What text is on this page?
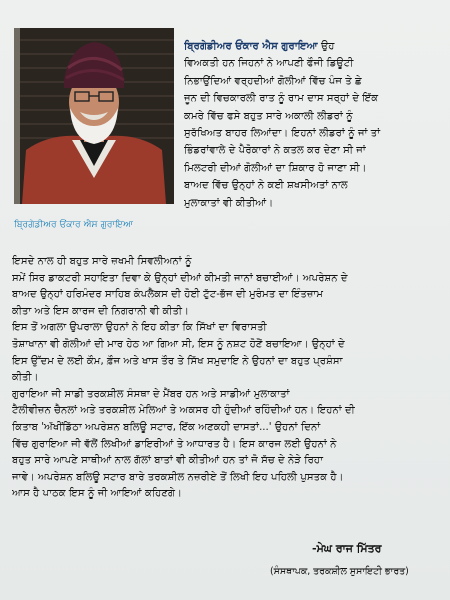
ਬ੍ਰਿਗੇਡੀਅਰ ਓਂਕਾਰ ਐਸ ਗੁਰਾਇਆ
ਬ੍ਰਿਗੇਡੀਅਰ ਓਂਕਾਰ ਐਸ ਗੁਰਾਇਆ ਉਹ
ਵਿਅਕਤੀ ਹਨ ਜਿਹਨਾਂ ਨੇ ਆਪਣੀ ਫੌਜੀ ਡਿਊਟੀ
ਨਿਭਾਉਂਦਿਆਂ ਵਰ੍ਹਦੀਆਂ ਗੋਲੀਆਂ ਵਿੱਚ ਪੰਜ ਤੇ ਛੇ
ਜੂਨ ਦੀ ਵਿਚਕਾਰਲੀ ਰਾਤ ਨੂੰ ਰਾਮ ਦਾਸ ਸਰ੍ਹਾਂ ਦੇ ਇੱਕ
ਕਮਰੇ ਵਿੱਚ ਫਸੇ ਬਹੁਤ ਸਾਰੇ ਅਕਾਲੀ ਲੀਡਰਾਂ ਨੂੰ
ਸੁਰੱਖਿਅਤ ਬਾਹਰ ਲਿਆਂਦਾ। ਇਹਨਾਂ ਲੀਡਰਾਂ ਨੂੰ ਜਾਂ ਤਾਂ
ਭਿੰਡਰਾਂਵਾਲੇ ਦੇ ਪੈਰੋਕਾਰਾਂ ਨੇ ਕਤਲ ਕਰ ਦੇਣਾ ਸੀ ਜਾਂ
ਮਿਲਟਰੀ ਦੀਆਂ ਗੋਲੀਆਂ ਦਾ ਸ਼ਿਕਾਰ ਹੋ ਜਾਣਾ ਸੀ।
ਬਾਅਦ ਵਿੱਚ ਉਨ੍ਹਾਂ ਨੇ ਕਈ ਸ਼ਖਸੀਅਤਾਂ ਨਾਲ
ਮੁਲਾਕਾਤਾਂ ਵੀ ਕੀਤੀਆਂ।
ਇਸਦੇ ਨਾਲ ਹੀ ਬਹੁਤ ਸਾਰੇ ਜ਼ਖਮੀ ਸਿਵਲੀਅਨਾਂ ਨੂੰ
ਸਮੇਂ ਸਿਰ ਡਾਕਟਰੀ ਸਹਾਇਤਾ ਦਿਵਾ ਕੇ ਉਨ੍ਹਾਂ ਦੀਆਂ ਕੀਮਤੀ ਜਾਨਾਂ ਬਚਾਈਆਂ। ਅਪਰੇਸ਼ਨ ਦੇ
ਬਾਅਦ ਉਨ੍ਹਾਂ ਹਰਿਮੰਦਰ ਸਾਹਿਬ ਕੰਪਲੈਕਸ ਦੀ ਹੋਈ ਟੁੱਟ-ਭੱਜ ਦੀ ਮੁਰੰਮਤ ਦਾ ਇੰਤਜ਼ਾਮ
ਕੀਤਾ ਅਤੇ ਇਸ ਕਾਰਜ ਦੀ ਨਿਗਰਾਨੀ ਵੀ ਕੀਤੀ।
ਇਸ ਤੋਂ ਅਗਲਾ ਉਪਰਾਲਾ ਉਹਨਾਂ ਨੇ ਇਹ ਕੀਤਾ ਕਿ ਸਿੱਖਾਂ ਦਾ ਵਿਰਾਸਤੀ
ਤੋਸ਼ਾਖਾਨਾ ਵੀ ਗੋਲੀਆਂ ਦੀ ਮਾਰ ਹੇਠ ਆ ਗਿਆ ਸੀ, ਇਸ ਨੂੰ ਨਸ਼ਟ ਹੋਣੋਂ ਬਚਾਇਆ। ਉਨ੍ਹਾਂ ਦੇ
ਇਸ ਉੱਦਮ ਦੇ ਲਈ ਕੌਮ, ਫ਼ੌਜ ਅਤੇ ਖਾਸ ਤੌਰ ਤੇ ਸਿੱਖ ਸਮੁਦਾਇ ਨੇ ਉਹਨਾਂ ਦਾ ਬਹੁਤ ਪ੍ਰਸ਼ੰਸਾ
ਕੀਤੀ।
ਗੁਰਾਇਆ ਜੀ ਸਾਡੀ ਤਰਕਸ਼ੀਲ ਸੰਸਥਾ ਦੇ ਮੈਂਬਰ ਹਨ ਅਤੇ ਸਾਡੀਆਂ ਮੁਲਾਕਾਤਾਂ
ਟੈਲੀਵੀਜ਼ਨ ਚੈਨਲਾਂ ਅਤੇ ਤਰਕਸ਼ੀਲ ਮੇਲਿਆਂ ਤੇ ਅਕਸਰ ਹੀ ਹੁੰਦੀਆਂ ਰਹਿੰਦੀਆਂ ਹਨ। ਇਹਨਾਂ ਦੀ
ਕਿਤਾਬ 'ਅੱਖੀਂਡਿੱਠਾ ਅਪਰੇਸ਼ਨ ਬਲਿਊ ਸਟਾਰ, ਇੱਕ ਅਣਕਹੀ ਦਾਸਤਾਂ...' ਉਹਨਾਂ ਦਿਨਾਂ
ਵਿੱਚ ਗੁਰਾਇਆ ਜੀ ਵੱਲੋਂ ਲਿਖੀਆਂ ਡਾਇਰੀਆਂ ਤੇ ਆਧਾਰਤ ਹੈ। ਇਸ ਕਾਰਜ ਲਈ ਉਹਨਾਂ ਨੇ
ਬਹੁਤ ਸਾਰੇ ਆਪਣੇ ਸਾਥੀਆਂ ਨਾਲ ਗੱਲਾਂ ਬਾਤਾਂ ਵੀ ਕੀਤੀਆਂ ਹਨ ਤਾਂ ਜੋ ਸੱਚ ਦੇ ਨੇੜੇ ਰਿਹਾ
ਜਾਵੇ। ਅਪਰੇਸ਼ਨ ਬਲਿਊ ਸਟਾਰ ਬਾਰੇ ਤਰਕਸ਼ੀਲ ਨਜ਼ਰੀਏ ਤੋਂ ਲਿਖੀ ਇਹ ਪਹਿਲੀ ਪੁਸਤਕ ਹੈ।
ਆਸ ਹੈ ਪਾਠਕ ਇਸ ਨੂੰ ਜੀ ਆਇਆਂ ਕਹਿਣਗੇ।
-ਮੇਘ ਰਾਜ ਮਿੱਤਰ
(ਸੰਸਥਾਪਕ, ਤਰਕਸ਼ੀਲ ਸੁਸਾਇਟੀ ਭਾਰਤ)
